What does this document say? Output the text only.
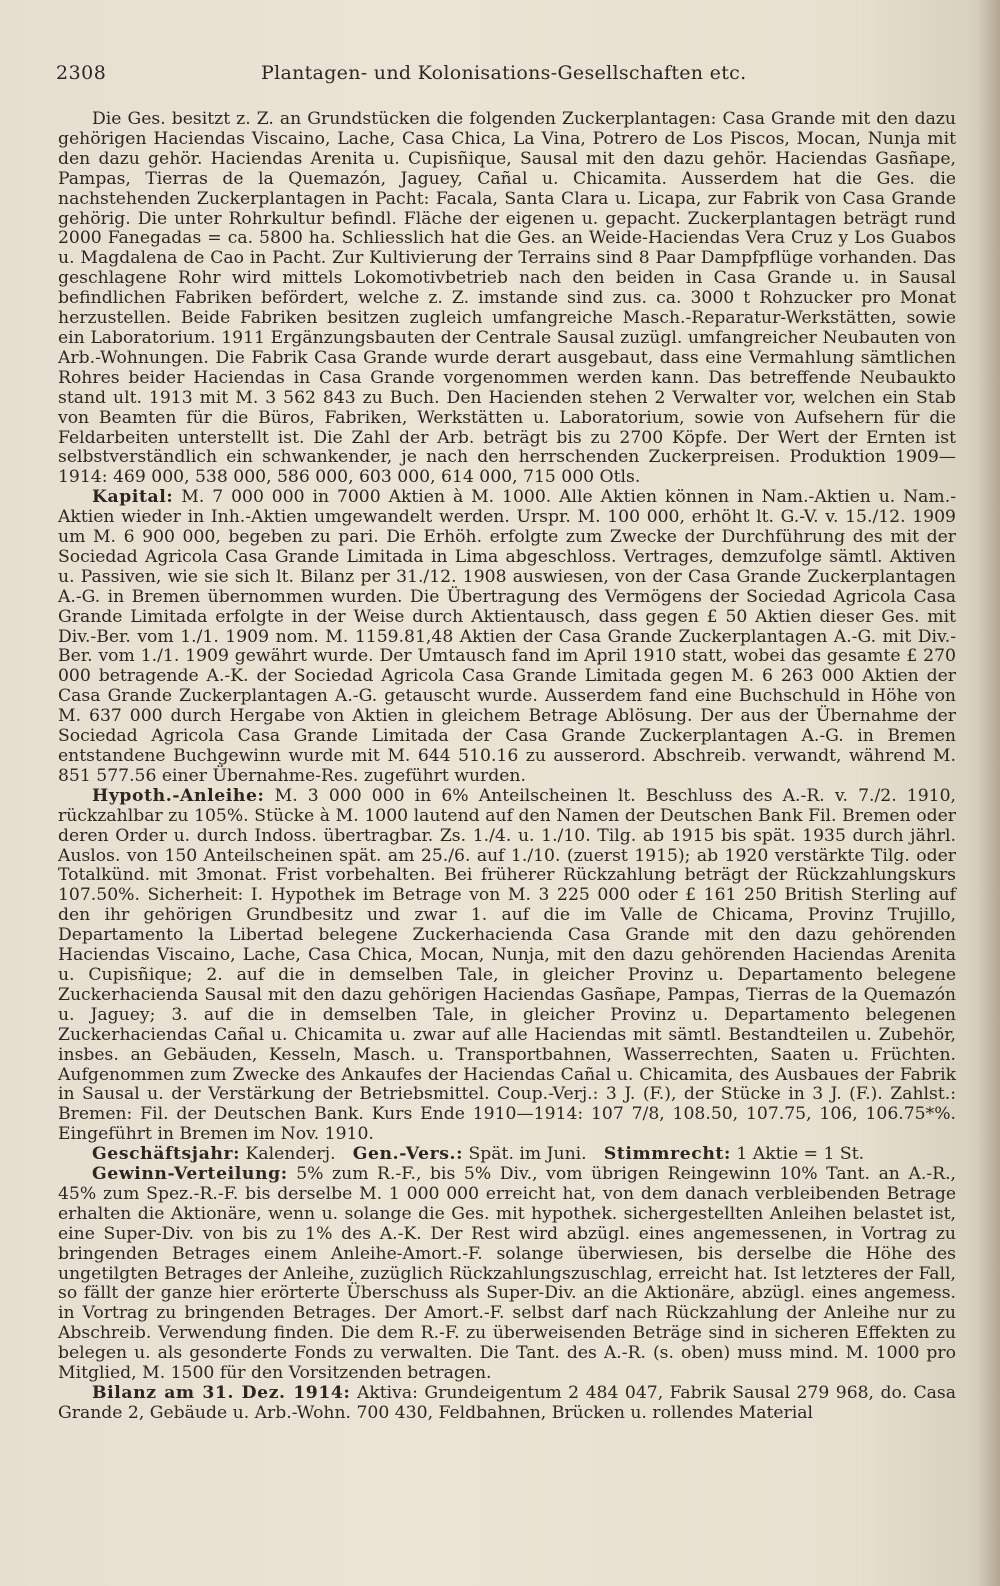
2308	Plantagen- und Kolonisations-Gesellschaften etc.

Die Ges. besitzt z. Z. an Grundstücken die folgenden Zuckerplantagen: Casa Grande mit den dazu gehörigen Haciendas Viscaino, Lache, Casa Chica, La Vina, Potrero de Los Piscos, Mocan, Nunja mit den dazu gehör. Haciendas Arenita u. Cupisñique, Sausal mit den dazu gehör. Haciendas Gasñape, Pampas, Tierras de la Quemazón, Jaguey, Cañal u. Chicamita. Ausserdem hat die Ges. die nachstehenden Zuckerplantagen in Pacht: Facala, Santa Clara u. Licapa, zur Fabrik von Casa Grande gehörig. Die unter Rohrkultur befindl. Fläche der eigenen u. gepacht. Zuckerplantagen beträgt rund 2000 Fanegadas = ca. 5800 ha. Schliesslich hat die Ges. an Weide-Haciendas Vera Cruz y Los Guabos u. Magdalena de Cao in Pacht. Zur Kultivierung der Terrains sind 8 Paar Dampfpflüge vorhanden. Das geschlagene Rohr wird mittels Lokomotivbetrieb nach den beiden in Casa Grande u. in Sausal befindlichen Fabriken befördert, welche z. Z. imstande sind zus. ca. 3000 t Rohzucker pro Monat herzustellen. Beide Fabriken besitzen zugleich umfangreiche Masch.-Reparatur-Werkstätten, sowie ein Laboratorium. 1911 Ergänzungsbauten der Centrale Sausal zuzügl. umfangreicher Neubauten von Arb.-Wohnungen. Die Fabrik Casa Grande wurde derart ausgebaut, dass eine Vermahlung sämtlichen Rohres beider Haciendas in Casa Grande vorgenommen werden kann. Das betreffende Neubaukto stand ult. 1913 mit M. 3 562 843 zu Buch. Den Hacienden stehen 2 Verwalter vor, welchen ein Stab von Beamten für die Büros, Fabriken, Werkstätten u. Laboratorium, sowie von Aufsehern für die Feldarbeiten unterstellt ist. Die Zahl der Arb. beträgt bis zu 2700 Köpfe. Der Wert der Ernten ist selbstverständlich ein schwankender, je nach den herrschenden Zuckerpreisen. Produktion 1909—1914: 469 000, 538 000, 586 000, 603 000, 614 000, 715 000 Otls.

Kapital: M. 7 000 000 in 7000 Aktien à M. 1000. Alle Aktien können in Nam.-Aktien u. Nam.-Aktien wieder in Inh.-Aktien umgewandelt werden. Urspr. M. 100 000, erhöht lt. G.-V. v. 15./12. 1909 um M. 6 900 000, begeben zu pari. Die Erhöh. erfolgte zum Zwecke der Durchführung des mit der Sociedad Agricola Casa Grande Limitada in Lima abgeschloss. Vertrages, demzufolge sämtl. Aktiven u. Passiven, wie sie sich lt. Bilanz per 31./12. 1908 auswiesen, von der Casa Grande Zuckerplantagen A.-G. in Bremen übernommen wurden. Die Übertragung des Vermögens der Sociedad Agricola Casa Grande Limitada erfolgte in der Weise durch Aktientausch, dass gegen £ 50 Aktien dieser Ges. mit Div.-Ber. vom 1./1. 1909 nom. M. 1159.81,48 Aktien der Casa Grande Zuckerplantagen A.-G. mit Div.-Ber. vom 1./1. 1909 gewährt wurde. Der Umtausch fand im April 1910 statt, wobei das gesamte £ 270 000 betragende A.-K. der Sociedad Agricola Casa Grande Limitada gegen M. 6 263 000 Aktien der Casa Grande Zuckerplantagen A.-G. getauscht wurde. Ausserdem fand eine Buchschuld in Höhe von M. 637 000 durch Hergabe von Aktien in gleichem Betrage Ablösung. Der aus der Übernahme der Sociedad Agricola Casa Grande Limitada der Casa Grande Zuckerplantagen A.-G. in Bremen entstandene Buchgewinn wurde mit M. 644 510.16 zu ausserord. Abschreib. verwandt, während M. 851 577.56 einer Übernahme-Res. zugeführt wurden.

Hypoth.-Anleihe: M. 3 000 000 in 6% Anteilscheinen lt. Beschluss des A.-R. v. 7./2. 1910, rückzahlbar zu 105%. Stücke à M. 1000 lautend auf den Namen der Deutschen Bank Fil. Bremen oder deren Order u. durch Indoss. übertragbar. Zs. 1./4. u. 1./10. Tilg. ab 1915 bis spät. 1935 durch jährl. Auslos. von 150 Anteilscheinen spät. am 25./6. auf 1./10. (zuerst 1915); ab 1920 verstärkte Tilg. oder Totalkünd. mit 3monat. Frist vorbehalten. Bei früherer Rückzahlung beträgt der Rückzahlungskurs 107.50%. Sicherheit: I. Hypothek im Betrage von M. 3 225 000 oder £ 161 250 British Sterling auf den ihr gehörigen Grundbesitz und zwar 1. auf die im Valle de Chicama, Provinz Trujillo, Departamento la Libertad belegene Zuckerhacienda Casa Grande mit den dazu gehörenden Haciendas Viscaino, Lache, Casa Chica, Mocan, Nunja, mit den dazu gehörenden Haciendas Arenita u. Cupisñique; 2. auf die in demselben Tale, in gleicher Provinz u. Departamento belegene Zuckerhacienda Sausal mit den dazu gehörigen Haciendas Gasñape, Pampas, Tierras de la Quemazón u. Jaguey; 3. auf die in demselben Tale, in gleicher Provinz u. Departamento belegenen Zuckerhaciendas Cañal u. Chicamita u. zwar auf alle Haciendas mit sämtl. Bestandteilen u. Zubehör, insbes. an Gebäuden, Kesseln, Masch. u. Transportbahnen, Wasserrechten, Saaten u. Früchten. Aufgenommen zum Zwecke des Ankaufes der Haciendas Cañal u. Chicamita, des Ausbaues der Fabrik in Sausal u. der Verstärkung der Betriebsmittel. Coup.-Verj.: 3 J. (F.), der Stücke in 3 J. (F.). Zahlst.: Bremen: Fil. der Deutschen Bank. Kurs Ende 1910—1914: 107 7/8, 108.50, 107.75, 106, 106.75*%. Eingeführt in Bremen im Nov. 1910.

Geschäftsjahr: Kalenderj.  Gen.-Vers.: Spät. im Juni.  Stimmrecht: 1 Aktie = 1 St.

Gewinn-Verteilung: 5% zum R.-F., bis 5% Div., vom übrigen Reingewinn 10% Tant. an A.-R., 45% zum Spez.-R.-F. bis derselbe M. 1 000 000 erreicht hat, von dem danach verbleibenden Betrage erhalten die Aktionäre, wenn u. solange die Ges. mit hypothek. sichergestellten Anleihen belastet ist, eine Super-Div. von bis zu 1% des A.-K. Der Rest wird abzügl. eines angemessenen, in Vortrag zu bringenden Betrages einem Anleihe-Amort.-F. solange überwiesen, bis derselbe die Höhe des ungetilgten Betrages der Anleihe, zuzüglich Rückzahlungszuschlag, erreicht hat. Ist letzteres der Fall, so fällt der ganze hier erörterte Überschuss als Super-Div. an die Aktionäre, abzügl. eines angemess. in Vortrag zu bringenden Betrages. Der Amort.-F. selbst darf nach Rückzahlung der Anleihe nur zu Abschreib. Verwendung finden. Die dem R.-F. zu überweisenden Beträge sind in sicheren Effekten zu belegen u. als gesonderte Fonds zu verwalten. Die Tant. des A.-R. (s. oben) muss mind. M. 1000 pro Mitglied, M. 1500 für den Vorsitzenden betragen.

Bilanz am 31. Dez. 1914: Aktiva: Grundeigentum 2 484 047, Fabrik Sausal 279 968, do. Casa Grande 2, Gebäude u. Arb.-Wohn. 700 430, Feldbahnen, Brücken u. rollendes Material
